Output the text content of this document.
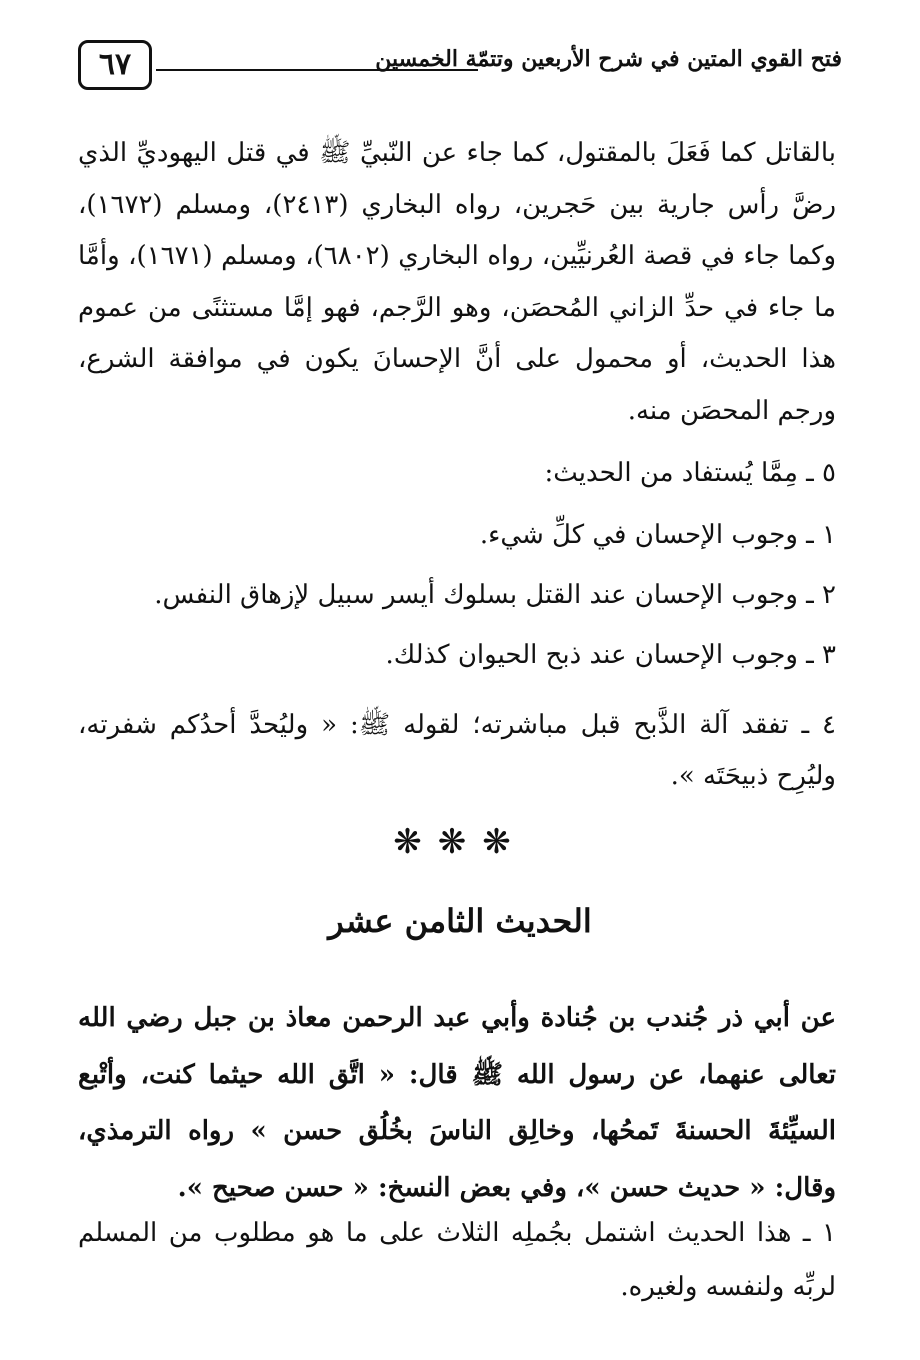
٦٧	فتح القوي المتين في شرح الأربعين وتتمّة الخمسين
بالقاتل كما فَعَلَ بالمقتول، كما جاء عن النّبيِّ ﷺ في قتل اليهوديِّ الذي رضَّ رأس جارية بين حَجرين، رواه البخاري (٢٤١٣)، ومسلم (١٦٧٢)، وكما جاء في قصة العُرنيِّين، رواه البخاري (٦٨٠٢)، ومسلم (١٦٧١)، وأمَّا ما جاء في حدِّ الزاني المُحصَن، وهو الرَّجم، فهو إمَّا مستثنًى من عموم هذا الحديث، أو محمول على أنَّ الإحسانَ يكون في موافقة الشرع، ورجم المحصَن منه.
٥ ـ مِمَّا يُستفاد من الحديث:
١ ـ وجوب الإحسان في كلِّ شيء.
٢ ـ وجوب الإحسان عند القتل بسلوك أيسر سبيل لإزهاق النفس.
٣ ـ وجوب الإحسان عند ذبح الحيوان كذلك.
٤ ـ تفقد آلة الذَّبح قبل مباشرته؛ لقوله ﷺ: « وليُحدَّ أحدُكم شفرته، وليُرِح ذبيحَتَه ».
❋❋❋
الحديث الثامن عشر
عن أبي ذر جُندب بن جُنادة وأبي عبد الرحمن معاذ بن جبل رضي الله تعالى عنهما، عن رسول الله ﷺ قال: « اتَّق الله حيثما كنت، وأتْبع السيِّئةَ الحسنةَ تَمحُها، وخالِق الناسَ بخُلُق حسن » رواه الترمذي، وقال: « حديث حسن »، وفي بعض النسخ: « حسن صحيح ».
١ ـ هذا الحديث اشتمل بجُملِه الثلاث على ما هو مطلوب من المسلم لربِّه ولنفسه ولغيره.
